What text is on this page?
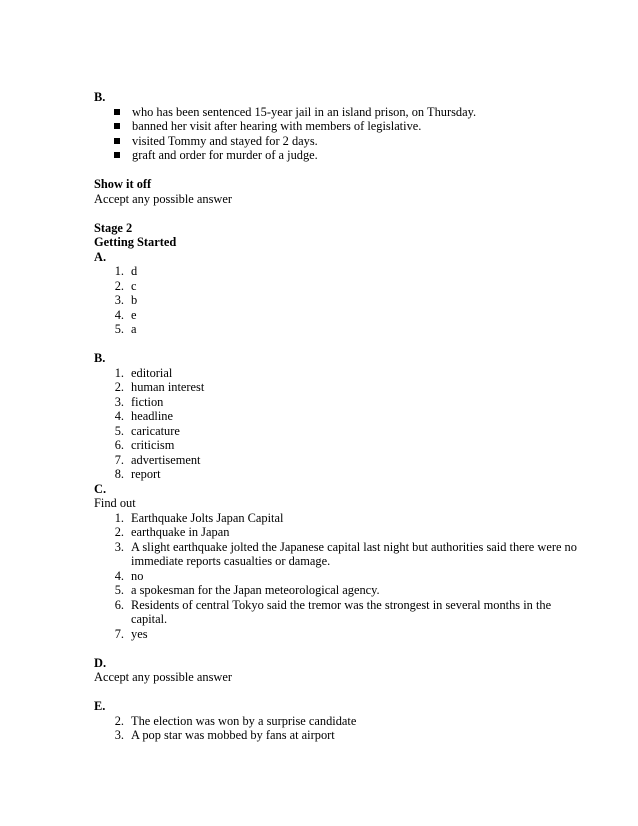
B.
who has been sentenced 15-year jail in an island prison, on Thursday.
banned her visit after hearing with members of legislative.
visited Tommy and stayed for 2 days.
graft and order for murder of a judge.
Show it off
Accept any possible answer
Stage 2
Getting Started
A.
1. d
2. c
3. b
4. e
5. a
B.
1. editorial
2. human interest
3. fiction
4. headline
5. caricature
6. criticism
7. advertisement
8. report
C.
Find out
1. Earthquake Jolts Japan Capital
2. earthquake in Japan
3. A slight earthquake jolted the Japanese capital last night but authorities said there were no immediate reports casualties or damage.
4. no
5. a spokesman for the Japan meteorological agency.
6. Residents of central Tokyo said the tremor was the strongest in several months in the capital.
7. yes
D.
Accept any possible answer
E.
2. The election was won by a surprise candidate
3. A pop star was mobbed by fans at airport
